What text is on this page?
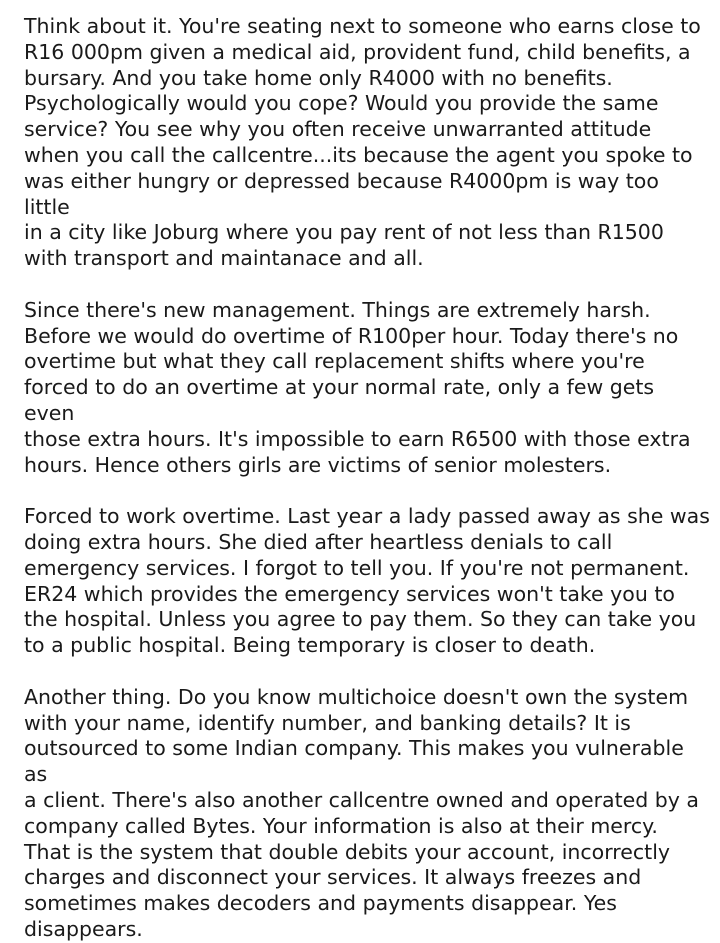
Think about it. You're seating next to someone who earns close to
R16 000pm given a medical aid, provident fund, child benefits, a
bursary. And you take home only R4000 with no benefits.
Psychologically would you cope? Would you provide the same
service? You see why you often receive unwarranted attitude
when you call the callcentre...its because the agent you spoke to
was either hungry or depressed because R4000pm is way too little
in a city like Joburg where you pay rent of not less than R1500
with transport and maintanace and all.

Since there's new management. Things are extremely harsh.
Before we would do overtime of R100per hour. Today there's no
overtime but what they call replacement shifts where you're
forced to do an overtime at your normal rate, only a few gets even
those extra hours. It's impossible to earn R6500 with those extra
hours. Hence others girls are victims of senior molesters.

Forced to work overtime. Last year a lady passed away as she was
doing extra hours. She died after heartless denials to call
emergency services. I forgot to tell you. If you're not permanent.
ER24 which provides the emergency services won't take you to
the hospital. Unless you agree to pay them. So they can take you
to a public hospital. Being temporary is closer to death.

Another thing. Do you know multichoice doesn't own the system
with your name, identify number, and banking details? It is
outsourced to some Indian company. This makes you vulnerable as
a client. There's also another callcentre owned and operated by a
company called Bytes. Your information is also at their mercy.
That is the system that double debits your account, incorrectly
charges and disconnect your services. It always freezes and
sometimes makes decoders and payments disappear. Yes
disappears.
